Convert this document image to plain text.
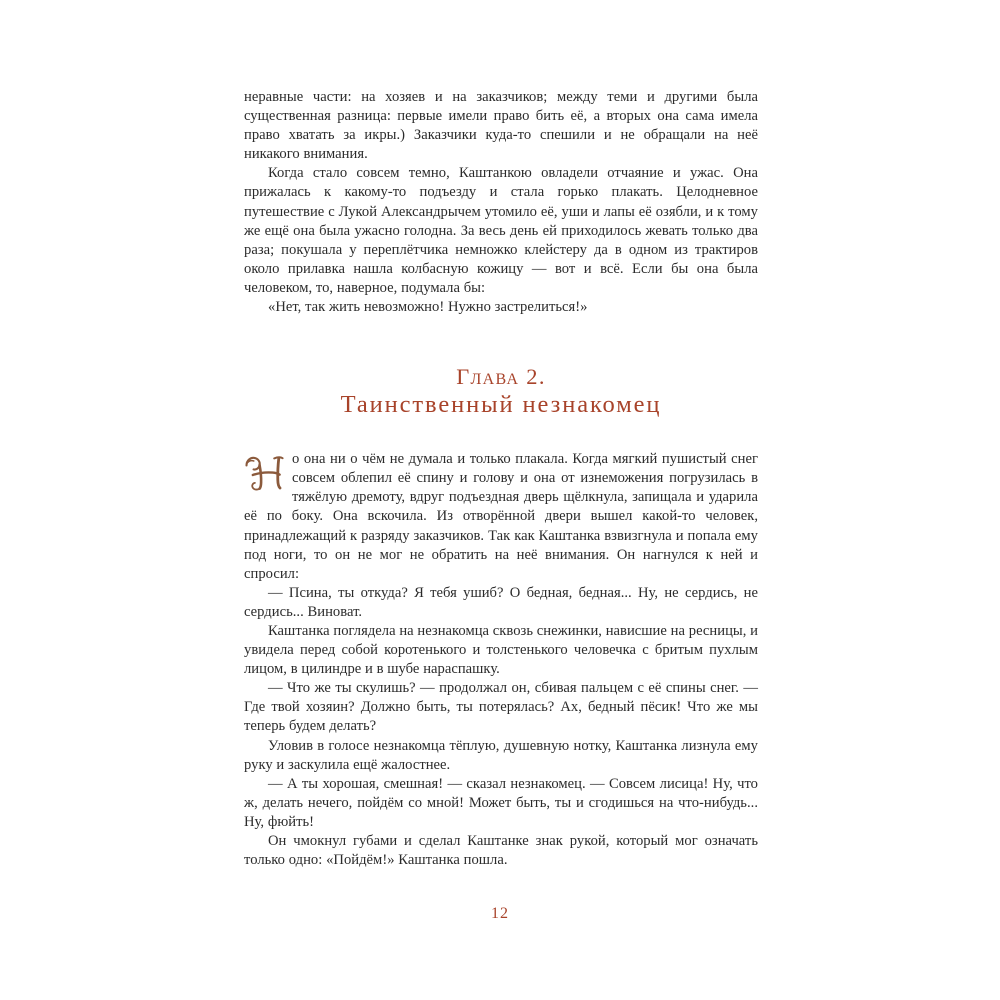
неравные части: на хозяев и на заказчиков; между теми и другими была существенная разница: первые имели право бить её, а вторых она сама имела право хватать за икры.) Заказчики куда-то спешили и не обращали на неё никакого внимания.

Когда стало совсем темно, Каштанкою овладели отчаяние и ужас. Она прижалась к какому-то подъезду и стала горько плакать. Целодневное путешествие с Лукой Александрычем утомило её, уши и лапы её озябли, и к тому же ещё она была ужасно голодна. За весь день ей приходилось жевать только два раза; покушала у переплётчика немножко клейстеру да в одном из трактиров около прилавка нашла колбасную кожицу — вот и всё. Если бы она была человеком, то, наверное, подумала бы:

«Нет, так жить невозможно! Нужно застрелиться!»

Глава 2.
Таинственный незнакомец

о она ни о чём не думала и только плакала. Когда мягкий пушистый снег совсем облепил её спину и голову и она от изнеможения погрузилась в тяжёлую дремоту, вдруг подъездная дверь щёлкнула, запищала и ударила её по боку. Она вскочила. Из отворённой двери вышел какой-то человек, принадлежащий к разряду заказчиков. Так как Каштанка взвизгнула и попала ему под ноги, то он не мог не обратить на неё внимания. Он нагнулся к ней и спросил:

— Псина, ты откуда? Я тебя ушиб? О бедная, бедная... Ну, не сердись, не сердись... Виноват.

Каштанка поглядела на незнакомца сквозь снежинки, нависшие на ресницы, и увидела перед собой коротенького и толстенького человечка с бритым пухлым лицом, в цилиндре и в шубе нараспашку.

— Что же ты скулишь? — продолжал он, сбивая пальцем с её спины снег. — Где твой хозяин? Должно быть, ты потерялась? Ах, бедный пёсик! Что же мы теперь будем делать?

Уловив в голосе незнакомца тёплую, душевную нотку, Каштанка лизнула ему руку и заскулила ещё жалостнее.

— А ты хорошая, смешная! — сказал незнакомец. — Совсем лисица! Ну, что ж, делать нечего, пойдём со мной! Может быть, ты и сгодишься на что-нибудь... Ну, фюйть!

Он чмокнул губами и сделал Каштанке знак рукой, который мог означать только одно: «Пойдём!» Каштанка пошла.

12
